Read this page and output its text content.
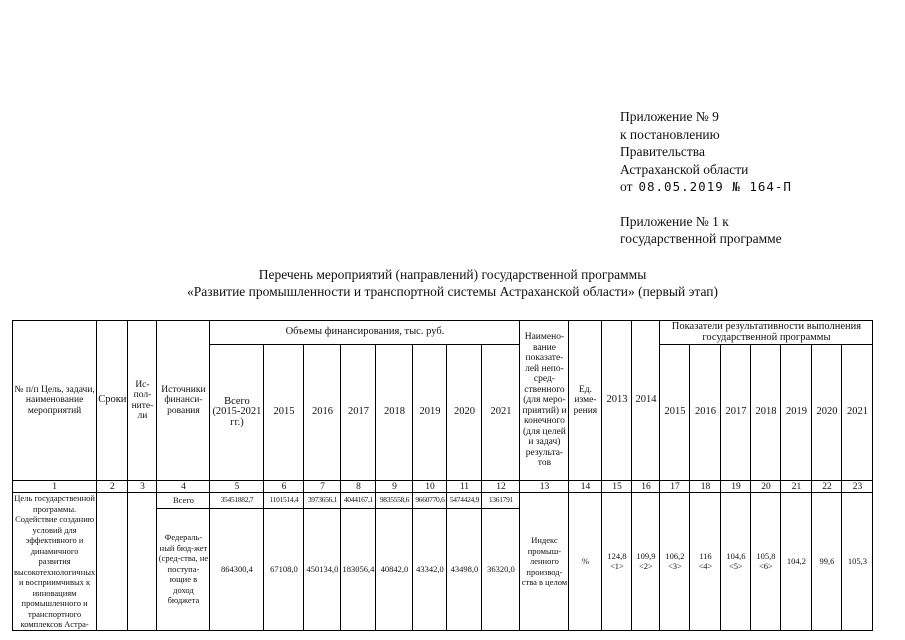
Приложение № 9
к постановлению
Правительства
Астраханской области
от 08.05.2019 № 164-П
Приложение № 1 к
государственной программе
Перечень мероприятий (направлений) государственной программы
«Развитие промышленности и транспортной системы Астраханской области» (первый этап)
№ п/п Цель, задачи, наименование мероприятий	Сроки	Ис-пол-ните-ли	Источники финанси-рования	Объемы финансирования, тыс. руб.								Наимено-вание показате-лей непо-сред-ственного (для меро-приятий) и конечного (для целей и задач) результа-тов	Ед. изме-рения	2013	2014	Показатели результативности выполнения государственной программы						
				Всего (2015-2021 гг.)	2015	2016	2017	2018	2019	2020	2021					2015	2016	2017	2018	2019	2020	2021
1	2	3	4	5	6	7	8	9	10	11	12	13	14	15	16	17	18	19	20	21	22	23
Цель государственной программы. Содействие созданию условий для эффективного и динамичного развития высокотехнологичных и восприимчивых к инновациям промышленного и транспортного комплексов Астра-			Всего	35451882,7	1101514,4	3973656,1	4044167,1	9835558,6	9660770,6	5474424,9	1361791	Индекс промыш-ленного производ-ства в целом	%	124,8 <1>	109,9 <2>	106,2 <3>	116 <4>	104,6 <5>	105,8 <6>	104,2	99,6	105,3
			Федераль-ный бюд-жет (сред-ства, не поступа-ющие в доход бюджета	864300,4	67108,0	450134,0	183056,4	40842,0	43342,0	43498,0	36320,0											
